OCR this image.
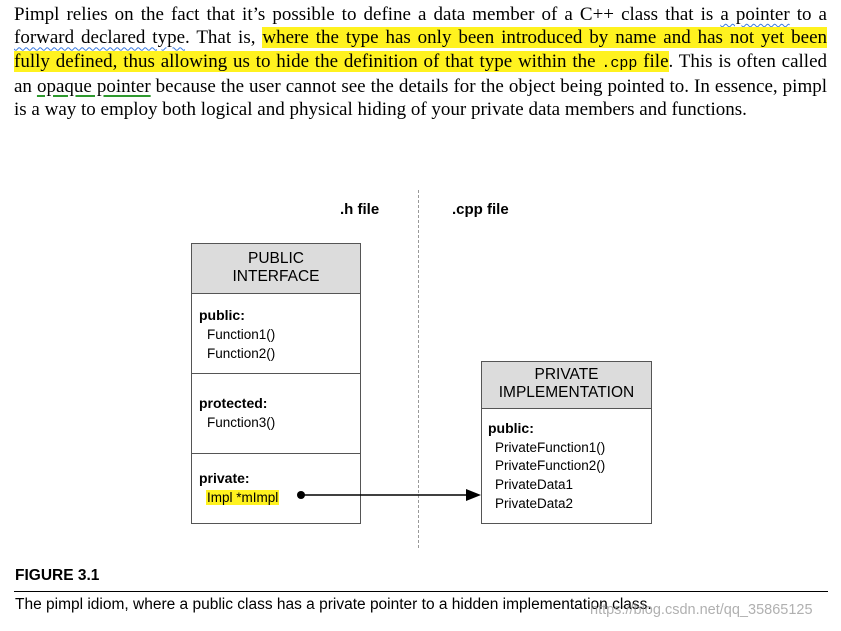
Pimpl relies on the fact that it’s possible to define a data member of a C++ class that is a pointer to a forward declared type. That is, where the type has only been introduced by name and has not yet been fully defined, thus allowing us to hide the definition of that type within the .cpp file. This is often called an opaque pointer because the user cannot see the details for the object being pointed to. In essence, pimpl is a way to employ both logical and physical hiding of your private data members and functions.
.h file	.cpp file
PUBLIC
INTERFACE
public:
Function1()
Function2()
protected:
Function3()
private:
Impl *mImpl
PRIVATE
IMPLEMENTATION
public:
PrivateFunction1()
PrivateFunction2()
PrivateData1
PrivateData2
FIGURE 3.1
The pimpl idiom, where a public class has a private pointer to a hidden implementation class.
https://blog.csdn.net/qq_35865125
